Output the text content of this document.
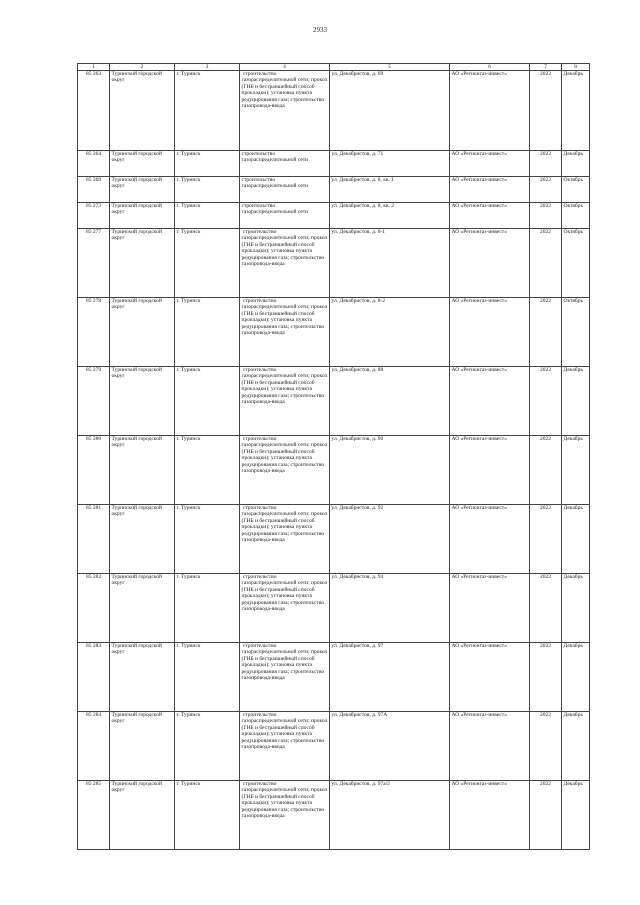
2933
1	2	3	4	5	6	7	8
85 263	Туринский городской округ	г. Туринск	строительство газораспределительной сети; прокол (ГНБ и бестраншейный способ прокладки); установка пункта редуцирования газа; строительство газопровода-ввода	ул. Декабристов, д. 69	АО «Регионгаз-инвест»	2022	Декабрь
85 264	Туринский городской округ	г. Туринск	строительство газораспределительной сети	ул. Декабристов, д. 71	АО «Регионгаз-инвест»	2022	Декабрь
85 269	Туринский городской округ	г. Туринск	строительство газораспределительной сети	ул. Декабристов, д. 8, кв. 1	АО «Регионгаз-инвест»	2022	Октябрь
85 273	Туринский городской округ	г. Туринск	строительство газораспределительной сети	ул. Декабристов, д. 8, кв. 2	АО «Регионгаз-инвест»	2022	Октябрь
85 277	Туринский городской округ	г. Туринск	строительство газораспределительной сети; прокол (ГНБ и бестраншейный способ прокладки); установка пункта редуцирования газа; строительство газопровода-ввода	ул. Декабристов, д. 8-1	АО «Регионгаз-инвест»	2022	Октябрь
85 278	Туринский городской округ	г. Туринск	строительство газораспределительной сети; прокол (ГНБ и бестраншейный способ прокладки); установка пункта редуцирования газа; строительство газопровода-ввода	ул. Декабристов, д. 8-2	АО «Регионгаз-инвест»	2022	Октябрь
85 279	Туринский городской округ	г. Туринск	строительство газораспределительной сети; прокол (ГНБ и бестраншейный способ прокладки); установка пункта редуцирования газа; строительство газопровода-ввода	ул. Декабристов, д. 88	АО «Регионгаз-инвест»	2022	Декабрь
85 280	Туринский городской округ	г. Туринск	строительство газораспределительной сети; прокол (ГНБ и бестраншейный способ прокладки); установка пункта редуцирования газа; строительство газопровода-ввода	ул. Декабристов, д. 90	АО «Регионгаз-инвест»	2022	Декабрь
85 281	Туринский городской округ	г. Туринск	строительство газораспределительной сети; прокол (ГНБ и бестраншейный способ прокладки); установка пункта редуцирования газа; строительство газопровода-ввода	ул. Декабристов, д. 92	АО «Регионгаз-инвест»	2022	Декабрь
85 282	Туринский городской округ	г. Туринск	строительство газораспределительной сети; прокол (ГНБ и бестраншейный способ прокладки); установка пункта редуцирования газа; строительство газопровода-ввода	ул. Декабристов, д. 94	АО «Регионгаз-инвест»	2022	Декабрь
85 283	Туринский городской округ	г. Туринск	строительство газораспределительной сети; прокол (ГНБ и бестраншейный способ прокладки); установка пункта редуцирования газа; строительство газопровода-ввода	ул. Декабристов, д. 97	АО «Регионгаз-инвест»	2022	Декабрь
85 284	Туринский городской округ	г. Туринск	строительство газораспределительной сети; прокол (ГНБ и бестраншейный способ прокладки); установка пункта редуцирования газа; строительство газопровода-ввода	ул. Декабристов, д. 97А	АО «Регионгаз-инвест»	2022	Декабрь
85 285	Туринский городской округ	г. Туринск	строительство газораспределительной сети; прокол (ГНБ и бестраншейный способ прокладки); установка пункта редуцирования газа; строительство газопровода-ввода	ул. Декабристов, д. 97а/2	АО «Регионгаз-инвест»	2022	Декабрь
